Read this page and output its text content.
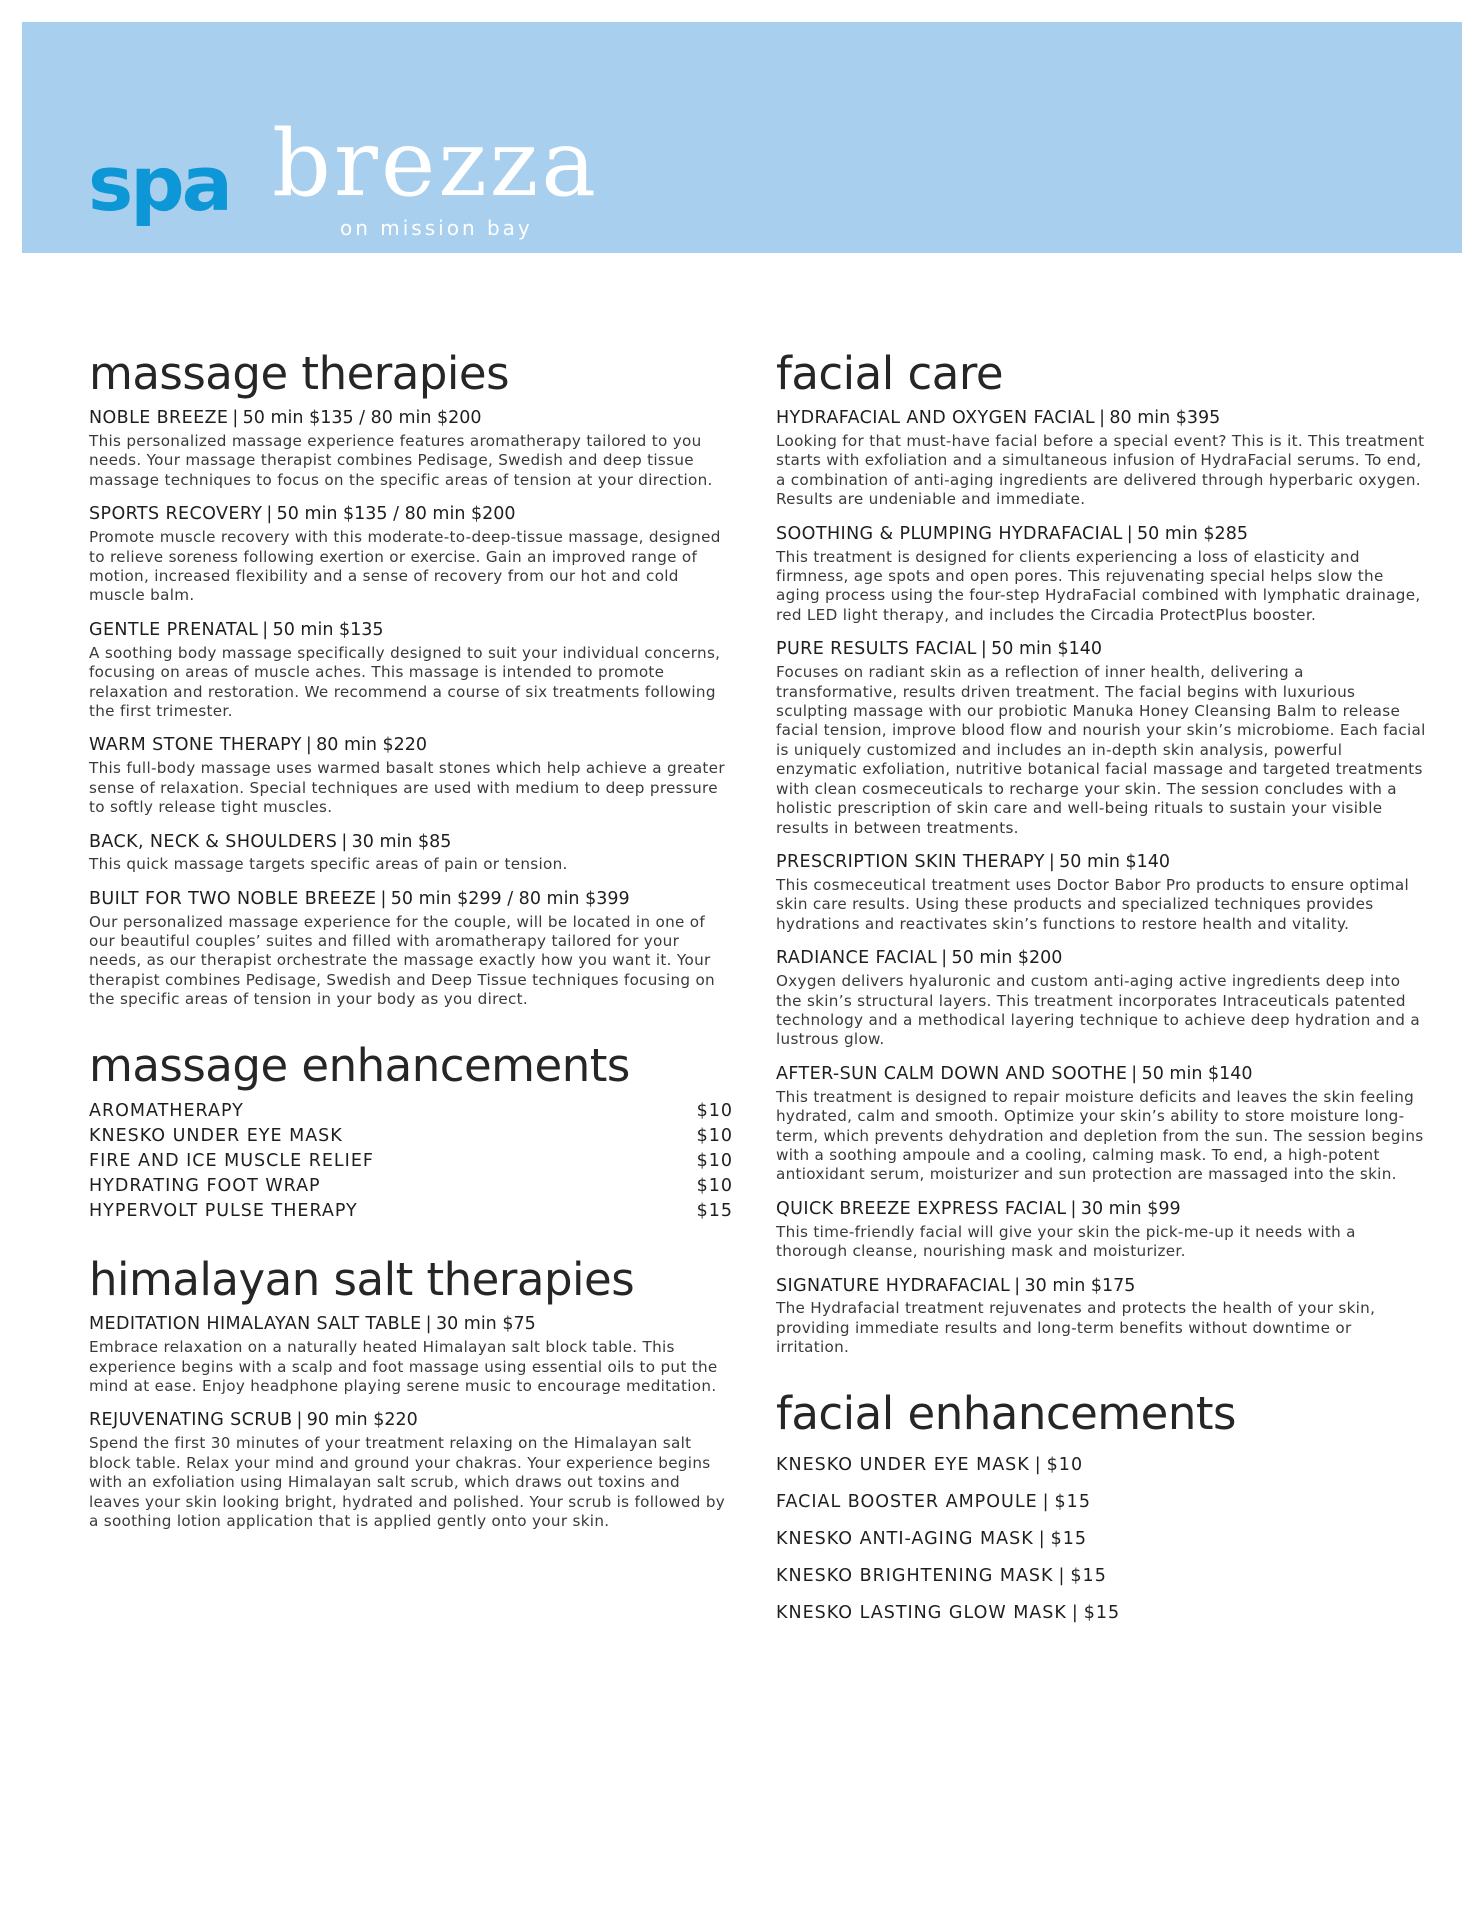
spa brezza
on mission bay
massage therapies
NOBLE BREEZE | 50 min $135 / 80 min $200
This personalized massage experience features aromatherapy tailored to you needs. Your massage therapist combines Pedisage, Swedish and deep tissue massage techniques to focus on the specific areas of tension at your direction.
SPORTS RECOVERY | 50 min $135 / 80 min $200
Promote muscle recovery with this moderate-to-deep-tissue massage, designed to relieve soreness following exertion or exercise. Gain an improved range of motion, increased flexibility and a sense of recovery from our hot and cold muscle balm.
GENTLE PRENATAL | 50 min $135
A soothing body massage specifically designed to suit your individual concerns, focusing on areas of muscle aches. This massage is intended to promote relaxation and restoration. We recommend a course of six treatments following the first trimester.
WARM STONE THERAPY | 80 min $220
This full-body massage uses warmed basalt stones which help achieve a greater sense of relaxation. Special techniques are used with medium to deep pressure to softly release tight muscles.
BACK, NECK & SHOULDERS | 30 min $85
This quick massage targets specific areas of pain or tension.
BUILT FOR TWO NOBLE BREEZE | 50 min $299 / 80 min $399
Our personalized massage experience for the couple, will be located in one of our beautiful couples’ suites and filled with aromatherapy tailored for your needs, as our therapist orchestrate the massage exactly how you want it. Your therapist combines Pedisage, Swedish and Deep Tissue techniques focusing on the specific areas of tension in your body as you direct.
massage enhancements
AROMATHERAPY	$10
KNESKO UNDER EYE MASK	$10
FIRE AND ICE MUSCLE RELIEF	$10
HYDRATING FOOT WRAP	$10
HYPERVOLT PULSE THERAPY	$15
himalayan salt therapies
MEDITATION HIMALAYAN SALT TABLE | 30 min $75
Embrace relaxation on a naturally heated Himalayan salt block table. This experience begins with a scalp and foot massage using essential oils to put the mind at ease. Enjoy headphone playing serene music to encourage meditation.
REJUVENATING SCRUB | 90 min $220
Spend the first 30 minutes of your treatment relaxing on the Himalayan salt block table. Relax your mind and ground your chakras. Your experience begins with an exfoliation using Himalayan salt scrub, which draws out toxins and leaves your skin looking bright, hydrated and polished. Your scrub is followed by a soothing lotion application that is applied gently onto your skin.
facial care
HYDRAFACIAL AND OXYGEN FACIAL | 80 min $395
Looking for that must-have facial before a special event? This is it. This treatment starts with exfoliation and a simultaneous infusion of HydraFacial serums. To end, a combination of anti-aging ingredients are delivered through hyperbaric oxygen. Results are undeniable and immediate.
SOOTHING & PLUMPING HYDRAFACIAL | 50 min $285
This treatment is designed for clients experiencing a loss of elasticity and firmness, age spots and open pores. This rejuvenating special helps slow the aging process using the four-step HydraFacial combined with lymphatic drainage, red LED light therapy, and includes the Circadia ProtectPlus booster.
PURE RESULTS FACIAL | 50 min $140
Focuses on radiant skin as a reflection of inner health, delivering a transformative, results driven treatment. The facial begins with luxurious sculpting massage with our probiotic Manuka Honey Cleansing Balm to release facial tension, improve blood flow and nourish your skin’s microbiome. Each facial is uniquely customized and includes an in-depth skin analysis, powerful enzymatic exfoliation, nutritive botanical facial massage and targeted treatments with clean cosmeceuticals to recharge your skin. The session concludes with a holistic prescription of skin care and well-being rituals to sustain your visible results in between treatments.
PRESCRIPTION SKIN THERAPY | 50 min $140
This cosmeceutical treatment uses Doctor Babor Pro products to ensure optimal skin care results. Using these products and specialized techniques provides hydrations and reactivates skin’s functions to restore health and vitality.
RADIANCE FACIAL | 50 min $200
Oxygen delivers hyaluronic and custom anti-aging active ingredients deep into the skin’s structural layers. This treatment incorporates Intraceuticals patented technology and a methodical layering technique to achieve deep hydration and a lustrous glow.
AFTER-SUN CALM DOWN AND SOOTHE | 50 min $140
This treatment is designed to repair moisture deficits and leaves the skin feeling hydrated, calm and smooth. Optimize your skin’s ability to store moisture long-term, which prevents dehydration and depletion from the sun. The session begins with a soothing ampoule and a cooling, calming mask. To end, a high-potent antioxidant serum, moisturizer and sun protection are massaged into the skin.
QUICK BREEZE EXPRESS FACIAL | 30 min $99
This time-friendly facial will give your skin the pick-me-up it needs with a thorough cleanse, nourishing mask and moisturizer.
SIGNATURE HYDRAFACIAL | 30 min $175
The Hydrafacial treatment rejuvenates and protects the health of your skin, providing immediate results and long-term benefits without downtime or irritation.
facial enhancements
KNESKO UNDER EYE MASK | $10
FACIAL BOOSTER AMPOULE | $15
KNESKO ANTI-AGING MASK | $15
KNESKO BRIGHTENING MASK | $15
KNESKO LASTING GLOW MASK | $15
